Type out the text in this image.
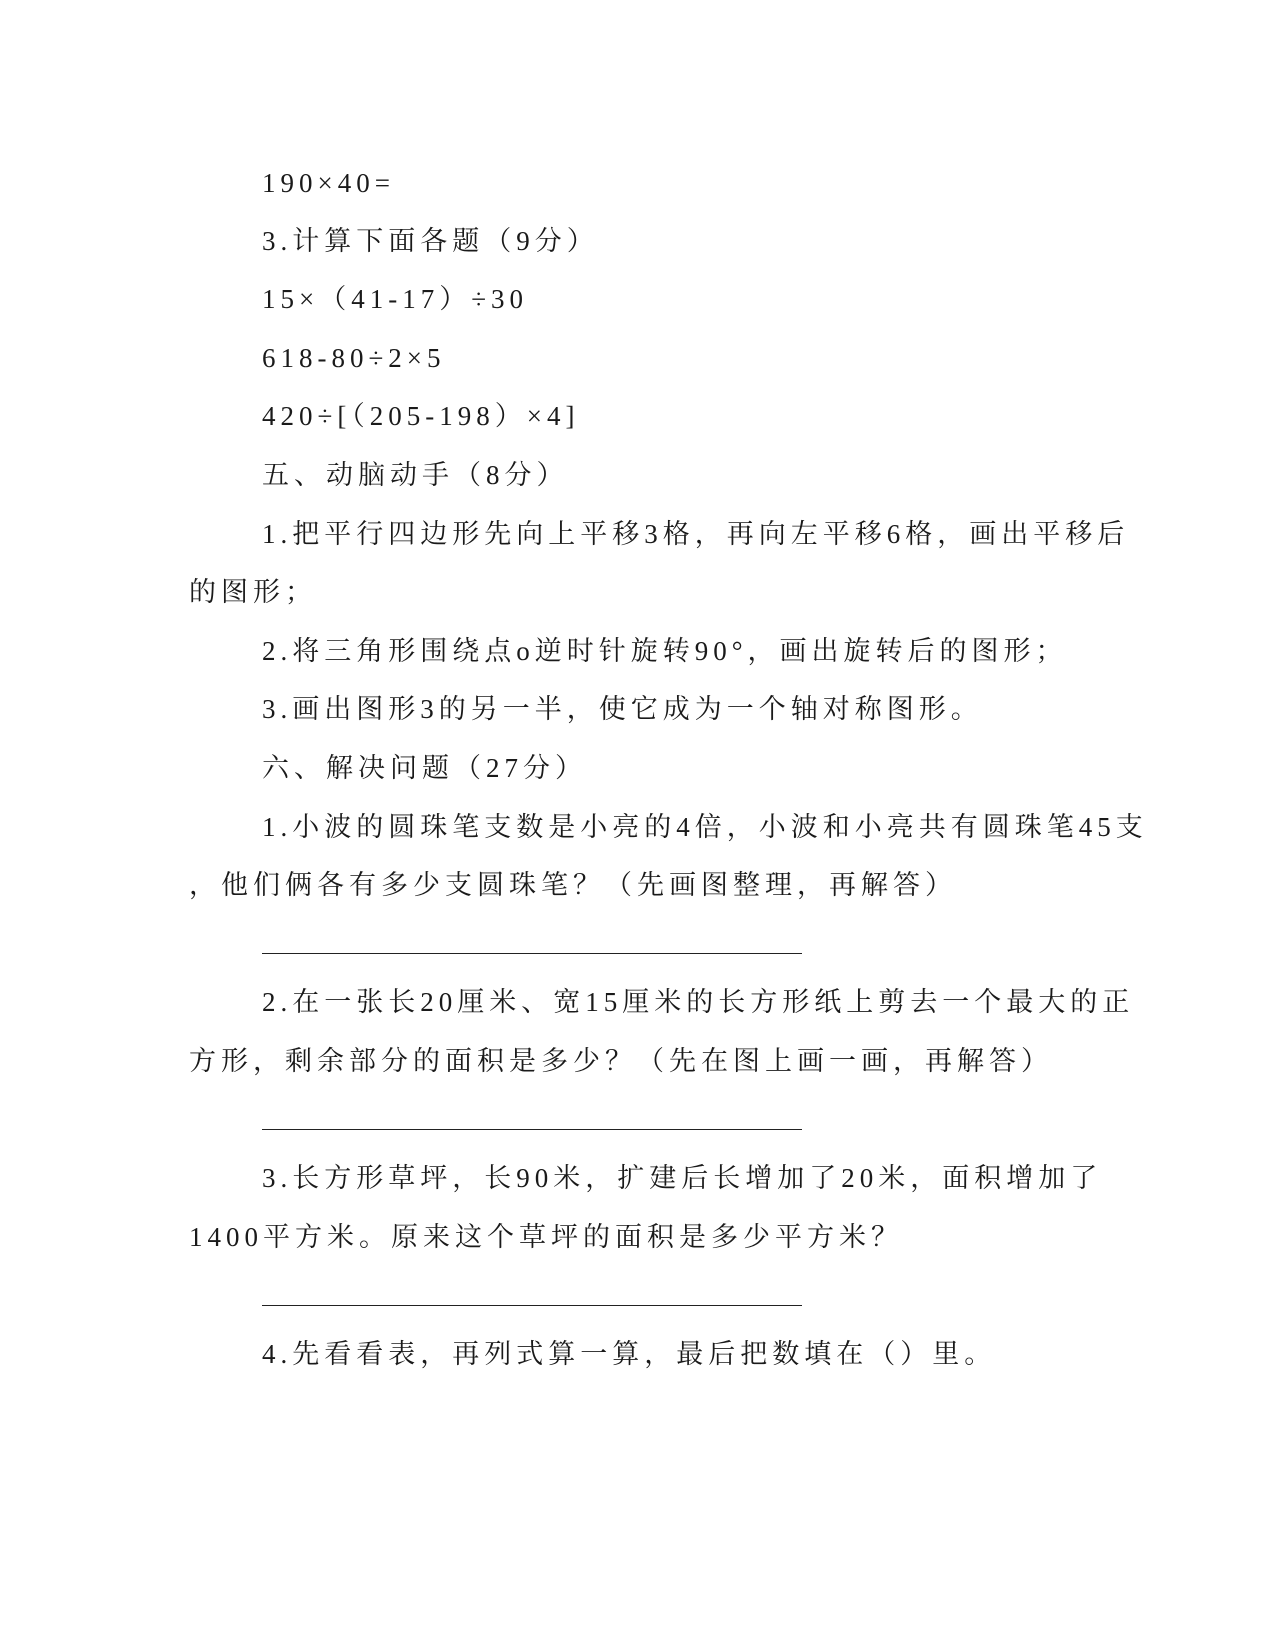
190×40=
3.计算下面各题（9分）
15×（41-17）÷30
618-80÷2×5
420÷[（205-198）×4]
五、动脑动手（8分）
1.把平行四边形先向上平移3格，再向左平移6格，画出平移后
的图形；
2.将三角形围绕点o逆时针旋转90°，画出旋转后的图形；
3.画出图形3的另一半，使它成为一个轴对称图形。
六、解决问题（27分）
1.小波的圆珠笔支数是小亮的4倍，小波和小亮共有圆珠笔45支
，他们俩各有多少支圆珠笔？（先画图整理，再解答）
2.在一张长20厘米、宽15厘米的长方形纸上剪去一个最大的正
方形，剩余部分的面积是多少？（先在图上画一画，再解答）
3.长方形草坪，长90米，扩建后长增加了20米，面积增加了
1400平方米。原来这个草坪的面积是多少平方米？
4.先看看表，再列式算一算，最后把数填在（）里。
